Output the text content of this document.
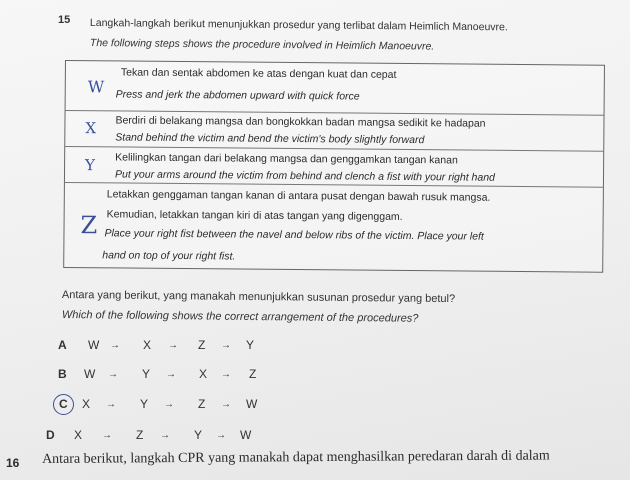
15 Langkah-langkah berikut menunjukkan prosedur yang terlibat dalam Heimlich Manoeuvre.
The following steps shows the procedure involved in Heimlich Manoeuvre.
W
Tekan dan sentak abdomen ke atas dengan kuat dan cepat
Press and jerk the abdomen upward with quick force
X Berdiri di belakang mangsa dan bongkokkan badan mangsa sedikit ke hadapan
Stand behind the victim and bend the victim's body slightly forward
Y Kelilingkan tangan dari belakang mangsa dan genggamkan tangan kanan
Put your arms around the victim from behind and clench a fist with your right hand
Z
Letakkan genggaman tangan kanan di antara pusat dengan bawah rusuk mangsa.
Kemudian, letakkan tangan kiri di atas tangan yang digenggam.
Place your right fist between the navel and below ribs of the victim. Place your left
hand on top of your right fist.
Antara yang berikut, yang manakah menunjukkan susunan prosedur yang betul?
Which of the following shows the correct arrangement of the procedures?
A	W → X → Z → Y
B	W → Y → X → Z
C	X → Y → Z → W
D	X → Z → Y → W
16 Antara berikut, langkah CPR yang manakah dapat menghasilkan peredaran darah di dalam
